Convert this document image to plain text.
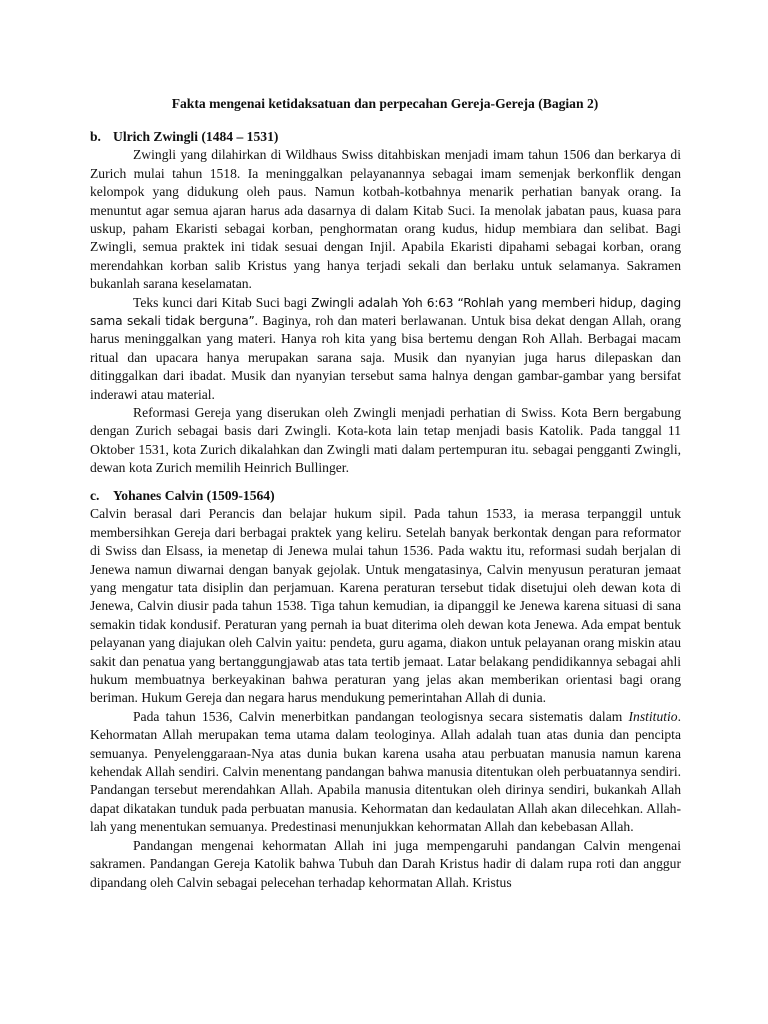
Fakta mengenai ketidaksatuan dan perpecahan Gereja-Gereja (Bagian 2)
b. Ulrich Zwingli (1484 – 1531)

Zwingli yang dilahirkan di Wildhaus Swiss ditahbiskan menjadi imam tahun 1506 dan berkarya di Zurich mulai tahun 1518. Ia meninggalkan pelayanannya sebagai imam semenjak berkonflik dengan kelompok yang didukung oleh paus. Namun kotbah-kotbahnya menarik perhatian banyak orang. Ia menuntut agar semua ajaran harus ada dasarnya di dalam Kitab Suci. Ia menolak jabatan paus, kuasa para uskup, paham Ekaristi sebagai korban, penghormatan orang kudus, hidup membiara dan selibat. Bagi Zwingli, semua praktek ini tidak sesuai dengan Injil. Apabila Ekaristi dipahami sebagai korban, orang merendahkan korban salib Kristus yang hanya terjadi sekali dan berlaku untuk selamanya. Sakramen bukanlah sarana keselamatan.

Teks kunci dari Kitab Suci bagi Zwingli adalah Yoh 6:63 “Rohlah yang memberi hidup, daging sama sekali tidak berguna”. Baginya, roh dan materi berlawanan. Untuk bisa dekat dengan Allah, orang harus meninggalkan yang materi. Hanya roh kita yang bisa bertemu dengan Roh Allah. Berbagai macam ritual dan upacara hanya merupakan sarana saja. Musik dan nyanyian juga harus dilepaskan dan ditinggalkan dari ibadat. Musik dan nyanyian tersebut sama halnya dengan gambar-gambar yang bersifat inderawi atau material.

Reformasi Gereja yang diserukan oleh Zwingli menjadi perhatian di Swiss. Kota Bern bergabung dengan Zurich sebagai basis dari Zwingli. Kota-kota lain tetap menjadi basis Katolik. Pada tanggal 11 Oktober 1531, kota Zurich dikalahkan dan Zwingli mati dalam pertempuran itu. sebagai pengganti Zwingli, dewan kota Zurich memilih Heinrich Bullinger.

c. Yohanes Calvin (1509-1564)

Calvin berasal dari Perancis dan belajar hukum sipil. Pada tahun 1533, ia merasa terpanggil untuk membersihkan Gereja dari berbagai praktek yang keliru. Setelah banyak berkontak dengan para reformator di Swiss dan Elsass, ia menetap di Jenewa mulai tahun 1536. Pada waktu itu, reformasi sudah berjalan di Jenewa namun diwarnai dengan banyak gejolak. Untuk mengatasinya, Calvin menyusun peraturan jemaat yang mengatur tata disiplin dan perjamuan. Karena peraturan tersebut tidak disetujui oleh dewan kota di Jenewa, Calvin diusir pada tahun 1538. Tiga tahun kemudian, ia dipanggil ke Jenewa karena situasi di sana semakin tidak kondusif. Peraturan yang pernah ia buat diterima oleh dewan kota Jenewa. Ada empat bentuk pelayanan yang diajukan oleh Calvin yaitu: pendeta, guru agama, diakon untuk pelayanan orang miskin atau sakit dan penatua yang bertanggungjawab atas tata tertib jemaat. Latar belakang pendidikannya sebagai ahli hukum membuatnya berkeyakinan bahwa peraturan yang jelas akan memberikan orientasi bagi orang beriman. Hukum Gereja dan negara harus mendukung pemerintahan Allah di dunia.

Pada tahun 1536, Calvin menerbitkan pandangan teologisnya secara sistematis dalam Institutio. Kehormatan Allah merupakan tema utama dalam teologinya. Allah adalah tuan atas dunia dan pencipta semuanya. Penyelenggaraan-Nya atas dunia bukan karena usaha atau perbuatan manusia namun karena kehendak Allah sendiri. Calvin menentang pandangan bahwa manusia ditentukan oleh perbuatannya sendiri. Pandangan tersebut merendahkan Allah. Apabila manusia ditentukan oleh dirinya sendiri, bukankah Allah dapat dikatakan tunduk pada perbuatan manusia. Kehormatan dan kedaulatan Allah akan dilecehkan. Allah-lah yang menentukan semuanya. Predestinasi menunjukkan kehormatan Allah dan kebebasan Allah.

Pandangan mengenai kehormatan Allah ini juga mempengaruhi pandangan Calvin mengenai sakramen. Pandangan Gereja Katolik bahwa Tubuh dan Darah Kristus hadir di dalam rupa roti dan anggur dipandang oleh Calvin sebagai pelecehan terhadap kehormatan Allah. Kristus
